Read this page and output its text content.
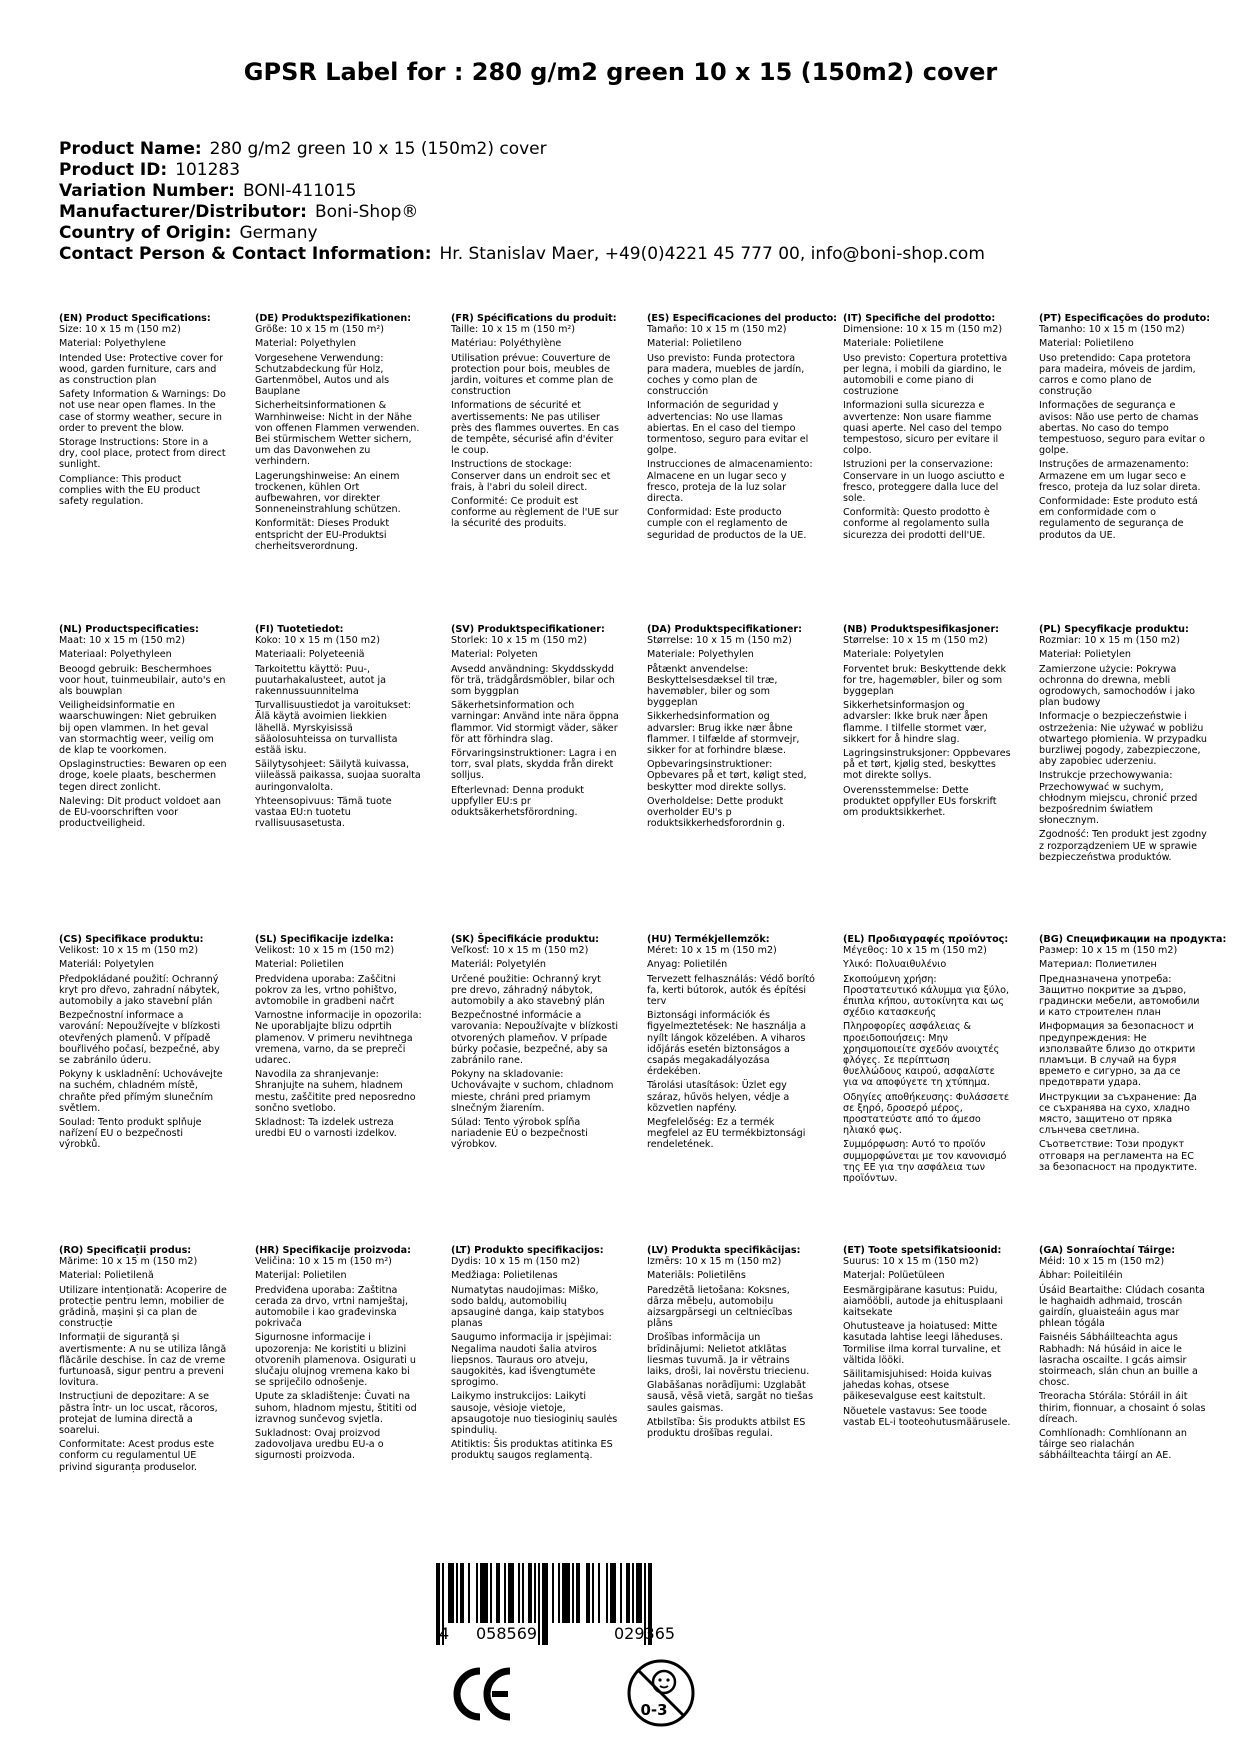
GPSR Label for : 280 g/m2 green 10 x 15 (150m2) cover
Product Name: 280 g/m2 green 10 x 15 (150m2) cover
Product ID: 101283
Variation Number: BONI-411015
Manufacturer/Distributor: Boni-Shop®
Country of Origin: Germany
Contact Person & Contact Information: Hr. Stanislav Maer, +49(0)4221 45 777 00, info@boni-shop.com
(EN) Product Specifications:
Size: 10 x 15 m (150 m2)
Material: Polyethylene
Intended Use: Protective cover for wood, garden furniture, cars and as construction plan
Safety Information & Warnings: Do not use near open flames. In the case of stormy weather, secure in order to prevent the blow.
Storage Instructions: Store in a dry, cool place, protect from direct sunlight.
Compliance: This product complies with the EU product safety regulation.
(DE) Produktspezifikationen:
Größe: 10 x 15 m (150 m²)
Material: Polyethylen
Vorgesehene Verwendung: Schutzabdeckung für Holz, Gartenmöbel, Autos und als Bauplane
Sicherheitsinformationen & Warnhinweise: Nicht in der Nähe von offenen Flammen verwenden. Bei stürmischem Wetter sichern, um das Davonwehen zu verhindern.
Lagerungshinweise: An einem trockenen, kühlen Ort aufbewahren, vor direkter Sonneneinstrahlung schützen.
Konformität: Dieses Produkt entspricht der EU-Produktsi cherheitsverordnung.
(FR) Spécifications du produit:
Taille: 10 x 15 m (150 m²)
Matériau: Polyéthylène
Utilisation prévue: Couverture de protection pour bois, meubles de jardin, voitures et comme plan de construction
Informations de sécurité et avertissements: Ne pas utiliser près des flammes ouvertes. En cas de tempête, sécurisé afin d'éviter le coup.
Instructions de stockage: Conserver dans un endroit sec et frais, à l'abri du soleil direct.
Conformité: Ce produit est conforme au règlement de l'UE sur la sécurité des produits.
(ES) Especificaciones del producto:
Tamaño: 10 x 15 m (150 m2)
Material: Polietileno
Uso previsto: Funda protectora para madera, muebles de jardín, coches y como plan de construcción
Información de seguridad y advertencias: No use llamas abiertas. En el caso del tiempo tormentoso, seguro para evitar el golpe.
Instrucciones de almacenamiento: Almacene en un lugar seco y fresco, proteja de la luz solar directa.
Conformidad: Este producto cumple con el reglamento de seguridad de productos de la UE.
(IT) Specifiche del prodotto:
Dimensione: 10 x 15 m (150 m2)
Materiale: Polietilene
Uso previsto: Copertura protettiva per legna, i mobili da giardino, le automobili e come piano di costruzione
Informazioni sulla sicurezza e avvertenze: Non usare fiamme quasi aperte. Nel caso del tempo tempestoso, sicuro per evitare il colpo.
Istruzioni per la conservazione: Conservare in un luogo asciutto e fresco, proteggere dalla luce del sole.
Conformità: Questo prodotto è conforme al regolamento sulla sicurezza dei prodotti dell'UE.
(PT) Especificações do produto:
Tamanho: 10 x 15 m (150 m2)
Material: Polietileno
Uso pretendido: Capa protetora para madeira, móveis de jardim, carros e como plano de construção
Informações de segurança e avisos: Não use perto de chamas abertas. No caso do tempo tempestuoso, seguro para evitar o golpe.
Instruções de armazenamento: Armazene em um lugar seco e fresco, proteja da luz solar direta.
Conformidade: Este produto está em conformidade com o regulamento de segurança de produtos da UE.
(NL) Productspecificaties:
Maat: 10 x 15 m (150 m2)
Materiaal: Polyethyleen
Beoogd gebruik: Beschermhoes voor hout, tuinmeubilair, auto's en als bouwplan
Veiligheidsinformatie en waarschuwingen: Niet gebruiken bij open vlammen. In het geval van stormachtig weer, veilig om de klap te voorkomen.
Opslaginstructies: Bewaren op een droge, koele plaats, beschermen tegen direct zonlicht.
Naleving: Dit product voldoet aan de EU-voorschriften voor productveiligheid.
(FI) Tuotetiedot:
Koko: 10 x 15 m (150 m2)
Materiaali: Polyeteeniä
Tarkoitettu käyttö: Puu-, puutarhakalusteet, autot ja rakennussuunnitelma
Turvallisuustiedot ja varoitukset: Älä käytä avoimien liekkien lähellä. Myrskyisissä sääolosuhteissa on turvallista estää isku.
Säilytysohjeet: Säilytä kuivassa, viileässä paikassa, suojaa suoralta auringonvalolta.
Yhteensopivuus: Tämä tuote vastaa EU:n tuotetu rvallisuusasetusta.
(SV) Produktspecifikationer:
Storlek: 10 x 15 m (150 m2)
Material: Polyeten
Avsedd användning: Skyddsskydd för trä, trädgårdsmöbler, bilar och som byggplan
Säkerhetsinformation och varningar: Använd inte nära öppna flammor. Vid stormigt väder, säker för att förhindra slag.
Förvaringsinstruktioner: Lagra i en torr, sval plats, skydda från direkt solljus.
Efterlevnad: Denna produkt uppfyller EU:s pr oduktsäkerhetsförordning.
(DA) Produktspecifikationer:
Størrelse: 10 x 15 m (150 m2)
Materiale: Polyethylen
Påtænkt anvendelse: Beskyttelsesdæksel til træ, havemøbler, biler og som byggeplan
Sikkerhedsinformation og advarsler: Brug ikke nær åbne flammer. I tilfælde af stormvejr, sikker for at forhindre blæse.
Opbevaringsinstruktioner: Opbevares på et tørt, køligt sted, beskytter mod direkte sollys.
Overholdelse: Dette produkt overholder EU's p roduktsikkerhedsforordnin g.
(NB) Produktspesifikasjoner:
Størrelse: 10 x 15 m (150 m2)
Materiale: Polyetylen
Forventet bruk: Beskyttende dekk for tre, hagemøbler, biler og som byggeplan
Sikkerhetsinformasjon og advarsler: Ikke bruk nær åpen flamme. I tilfelle stormet vær, sikkert for å hindre slag.
Lagringsinstruksjoner: Oppbevares på et tørt, kjølig sted, beskyttes mot direkte sollys.
Overensstemmelse: Dette produktet oppfyller EUs forskrift om produktsikkerhet.
(PL) Specyfikacje produktu:
Rozmiar: 10 x 15 m (150 m2)
Materiał: Polietylen
Zamierzone użycie: Pokrywa ochronna do drewna, mebli ogrodowych, samochodów i jako plan budowy
Informacje o bezpieczeństwie i ostrzeżenia: Nie używać w pobliżu otwartego płomienia. W przypadku burzliwej pogody, zabezpieczone, aby zapobiec uderzeniu.
Instrukcje przechowywania: Przechowywać w suchym, chłodnym miejscu, chronić przed bezpośrednim światłem słonecznym.
Zgodność: Ten produkt jest zgodny z rozporządzeniem UE w sprawie bezpieczeństwa produktów.
(CS) Specifikace produktu:
Velikost: 10 x 15 m (150 m2)
Materiál: Polyetylen
Předpokládané použití: Ochranný kryt pro dřevo, zahradní nábytek, automobily a jako stavební plán
Bezpečnostní informace a varování: Nepoužívejte v blízkosti otevřených plamenů. V případě bouřlivého počasí, bezpečné, aby se zabránilo úderu.
Pokyny k uskladnění: Uchovávejte na suchém, chladném místě, chraňte před přímým slunečním světlem.
Soulad: Tento produkt splňuje nařízení EU o bezpečnosti výrobků.
(SL) Specifikacije izdelka:
Velikost: 10 x 15 m (150 m2)
Material: Polietilen
Predvidena uporaba: Zaščitni pokrov za les, vrtno pohištvo, avtomobile in gradbeni načrt
Varnostne informacije in opozorila: Ne uporabljajte blizu odprtih plamenov. V primeru nevihtnega vremena, varno, da se prepreči udarec.
Navodila za shranjevanje: Shranjujte na suhem, hladnem mestu, zaščitite pred neposredno sončno svetlobo.
Skladnost: Ta izdelek ustreza uredbi EU o varnosti izdelkov.
(SK) Špecifikácie produktu:
Veľkosť: 10 x 15 m (150 m2)
Materiál: Polyetylén
Určené použitie: Ochranný kryt pre drevo, záhradný nábytok, automobily a ako stavebný plán
Bezpečnostné informácie a varovania: Nepoužívajte v blízkosti otvorených plameňov. V prípade búrky počasie, bezpečné, aby sa zabránilo rane.
Pokyny na skladovanie: Uchovávajte v suchom, chladnom mieste, chráni pred priamym slnečným žiarením.
Súlad: Tento výrobok spĺňa nariadenie EÚ o bezpečnosti výrobkov.
(HU) Termékjellemzők:
Méret: 10 x 15 m (150 m2)
Anyag: Polietilén
Tervezett felhasználás: Védő borító fa, kerti bútorok, autók és építési terv
Biztonsági információk és figyelmeztetések: Ne használja a nyílt lángok közelében. A viharos időjárás esetén biztonságos a csapás megakadályozása érdekében.
Tárolási utasítások: Üzlet egy száraz, hűvös helyen, védje a közvetlen napfény.
Megfelelőség: Ez a termék megfelel az EU termékbiztonsági rendeletének.
(EL) Προδιαγραφές προϊόντος:
Μέγεθος: 10 x 15 m (150 m2)
Υλικό: Πολυαιθυλένιο
Σκοπούμενη χρήση: Προστατευτικό κάλυμμα για ξύλο, έπιπλα κήπου, αυτοκίνητα και ως σχέδιο κατασκευής
Πληροφορίες ασφάλειας & προειδοποιήσεις: Μην χρησιμοποιείτε σχεδόν ανοιχτές φλόγες. Σε περίπτωση θυελλώδους καιρού, ασφαλίστε για να αποφύγετε τη χτύπημα.
Οδηγίες αποθήκευσης: Φυλάσσετε σε ξηρό, δροσερό μέρος, προστατεύστε από το άμεσο ηλιακό φως.
Συμμόρφωση: Αυτό το προϊόν συμμορφώνεται με τον κανονισμό της ΕΕ για την ασφάλεια των προϊόντων.
(BG) Спецификации на продукта:
Размер: 10 x 15 m (150 m2)
Материал: Полиетилен
Предназначена употреба: Защитно покритие за дърво, градински мебели, автомобили и като строителен план
Информация за безопасност и предупреждения: Не използвайте близо до открити пламъци. В случай на буря времето е сигурно, за да се предотврати удара.
Инструкции за съхранение: Да се съхранява на сухо, хладно място, защитено от пряка слънчева светлина.
Съответствие: Този продукт отговаря на регламента на ЕС за безопасност на продуктите.
(RO) Specificații produs:
Mărime: 10 x 15 m (150 m2)
Material: Polietilenă
Utilizare intenționată: Acoperire de protecție pentru lemn, mobilier de grădină, mașini și ca plan de construcție
Informații de siguranță și avertismente: A nu se utiliza lângă flăcările deschise. În caz de vreme furtunoasă, sigur pentru a preveni lovitura.
Instrucțiuni de depozitare: A se păstra într- un loc uscat, răcoros, protejat de lumina directă a soarelui.
Conformitate: Acest produs este conform cu regulamentul UE privind siguranța produselor.
(HR) Specifikacije proizvoda:
Veličina: 10 x 15 m (150 m²)
Materijal: Polietilen
Predviđena uporaba: Zaštitna cerada za drvo, vrtni namještaj, automobile i kao građevinska pokrivača
Sigurnosne informacije i upozorenja: Ne koristiti u blizini otvorenih plamenova. Osigurati u slučaju olujnog vremena kako bi se spriječilo odnošenje.
Upute za skladištenje: Čuvati na suhom, hladnom mjestu, štititi od izravnog sunčevog svjetla.
Sukladnost: Ovaj proizvod zadovoljava uredbu EU-a o sigurnosti proizvoda.
(LT) Produkto specifikacijos:
Dydis: 10 x 15 m (150 m2)
Medžiaga: Polietilenas
Numatytas naudojimas: Miško, sodo baldų, automobilių apsauginė danga, kaip statybos planas
Saugumo informacija ir įspėjimai: Negalima naudoti šalia atviros liepsnos. Tauraus oro atveju, saugokitės, kad išvengtumėte sprogimo.
Laikymo instrukcijos: Laikyti sausoje, vėsioje vietoje, apsaugotoje nuo tiesioginių saulės spindulių.
Atitiktis: Šis produktas atitinka ES produktų saugos reglamentą.
(LV) Produkta specifikācijas:
Izmērs: 10 x 15 m (150 m2)
Materiāls: Polietilēns
Paredzētā lietošana: Koksnes, dārza mēbeļu, automobiļu aizsargpārsegi un celtniecības plāns
Drošības informācija un brīdinājumi: Nelietot atklātas liesmas tuvumā. Ja ir vētrains laiks, droši, lai novērstu triecienu.
Glabāšanas norādījumi: Uzglabāt sausā, vēsā vietā, sargāt no tiešas saules gaismas.
Atbilstība: Šis produkts atbilst ES produktu drošības regulai.
(ET) Toote spetsifikatsioonid:
Suurus: 10 x 15 m (150 m2)
Materjal: Polüetüleen
Eesmärgipärane kasutus: Puidu, aiamööbli, autode ja ehitusplaani kaitsekate
Ohutusteave ja hoiatused: Mitte kasutada lahtise leegi läheduses. Tormilise ilma korral turvaline, et vältida lööki.
Säilitamisjuhised: Hoida kuivas jahedas kohas, otsese päikesevalguse eest kaitstult.
Nõuetele vastavus: See toode vastab EL-i tooteohutusmäärusele.
(GA) Sonraíochtaí Táirge:
Méid: 10 x 15 m (150 m2)
Ábhar: Poileitiléin
Úsáid Beartaithe: Clúdach cosanta le haghaidh adhmaid, troscán gairdín, gluaisteáin agus mar phlean tógála
Faisnéis Sábháilteachta agus Rabhadh: Ná húsáid in aice le lasracha oscailte. I gcás aimsir stoirmeach, slán chun an buille a chosc.
Treoracha Stórála: Stóráil in áit thirim, fionnuar, a chosaint ó solas díreach.
Comhlíonadh: Comhlíonann an táirge seo rialachán sábháilteachta táirgí an AE.
4 058569	029365
0-3
